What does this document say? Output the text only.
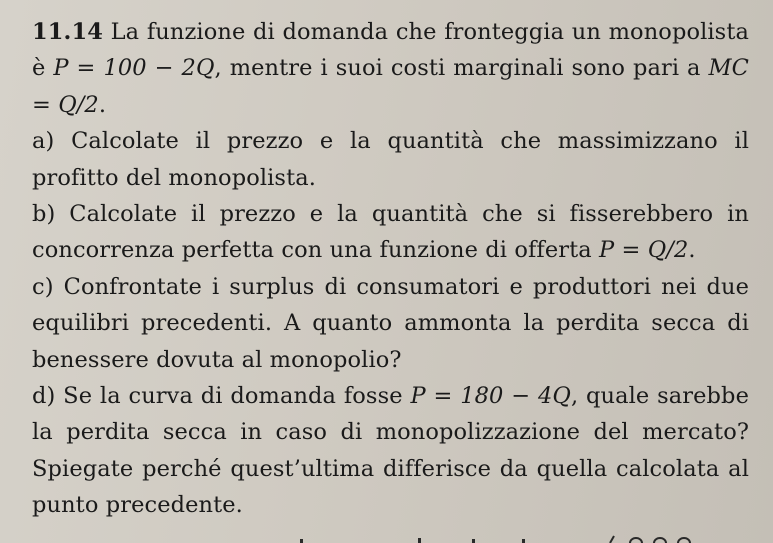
11.14 La funzione di domanda che fronteggia un monopolista è P = 100 − 2Q, mentre i suoi costi marginali sono pari a MC = Q/2.

a) Calcolate il prezzo e la quantità che massimizzano il profitto del monopolista.

b) Calcolate il prezzo e la quantità che si fisserebbero in concorrenza perfetta con una funzione di offerta P = Q/2.

c) Confrontate i surplus di consumatori e produttori nei due equilibri precedenti. A quanto ammonta la perdita secca di benessere dovuta al monopolio?

d) Se la curva di domanda fosse P = 180 − 4Q, quale sarebbe la perdita secca in caso di monopolizzazione del mercato? Spiegate perché quest’ultima differisce da quella calcolata al punto precedente.
